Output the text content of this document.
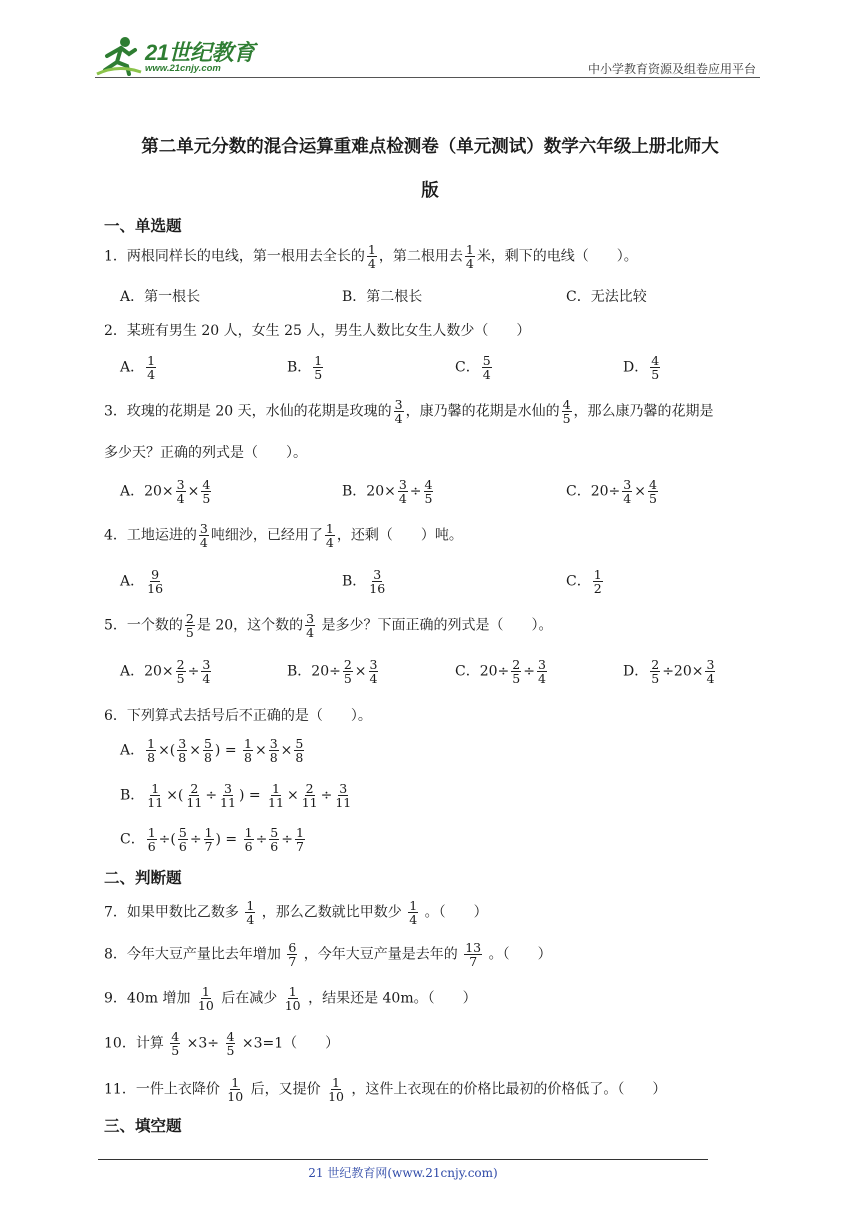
21世纪教育
www.21cnjy.com	中小学教育资源及组卷应用平台
第二单元分数的混合运算重难点检测卷（单元测试）数学六年级上册北师大
版
一、单选题
1．两根同样长的电线，第一根用去全长的 $\frac{1}{4}$ ，第二根用去 $\frac{1}{4}$ 米，剩下的电线（　　）。
A．第一根长	B．第二根长	C．无法比较
2．某班有男生 20 人，女生 25 人，男生人数比女生人数少（　　）
A． $\frac{1}{4}$	B． $\frac{1}{5}$	C． $\frac{5}{4}$	D． $\frac{4}{5}$
3．玫瑰的花期是 20 天，水仙的花期是玫瑰的 $\frac{3}{4}$ ，康乃馨的花期是水仙的 $\frac{4}{5}$ ，那么康乃馨的花期是
多少天？正确的列式是（　　）。
A．$20\times \frac{3}{4} \times \frac{4}{5}$	B．$20\times \frac{3}{4} \div \frac{4}{5}$	C．$20\div \frac{3}{4} \times \frac{4}{5}$
4．工地运进的 $\frac{3}{4}$ 吨细沙，已经用了 $\frac{1}{4}$ ，还剩（　　）吨。
A． $\frac{9}{16}$	B． $\frac{3}{16}$	C． $\frac{1}{2}$
5．一个数的 $\frac{2}{5}$ 是 20，这个数的 $\frac{3}{4}$ 是多少？下面正确的列式是（　　）。
A．$20\times \frac{2}{5} \div \frac{3}{4}$	B．$20\div \frac{2}{5} \times \frac{3}{4}$	C．$20\div \frac{2}{5} \div \frac{3}{4}$	D． $\frac{2}{5} \div 20\times \frac{3}{4}$
6．下列算式去括号后不正确的是（　　）。
A． $\frac{1}{8}$ ×( $\frac{3}{8} \times \frac{5}{8}$ ) = $\frac{1}{8} \times \frac{3}{8} \times \frac{5}{8}$
B． $\frac{1}{11}$ ×( $\frac{2}{11} \div \frac{3}{11}$ ) = $\frac{1}{11} \times \frac{2}{11} \div \frac{3}{11}$
C． $\frac{1}{6}$ ÷( $\frac{5}{6} \div \frac{1}{7}$ ) = $\frac{1}{6} \div \frac{5}{6} \div \frac{1}{7}$
二、判断题
7．如果甲数比乙数多 $\frac{1}{4}$ ，那么乙数就比甲数少 $\frac{1}{4}$ 。（　　）
8．今年大豆产量比去年增加 $\frac{6}{7}$ ，今年大豆产量是去年的 $\frac{13}{7}$ 。（　　）
9．40m 增加 $\frac{1}{10}$ 后在减少 $\frac{1}{10}$ ，结果还是 40m。（　　）
10．计算 $\frac{4}{5} \times 3\div \frac{4}{5} \times 3=1$（　　）
11．一件上衣降价 $\frac{1}{10}$ 后，又提价 $\frac{1}{10}$ ，这件上衣现在的价格比最初的价格低了。（　　）
三、填空题
21 世纪教育网(www.21cnjy.com)
